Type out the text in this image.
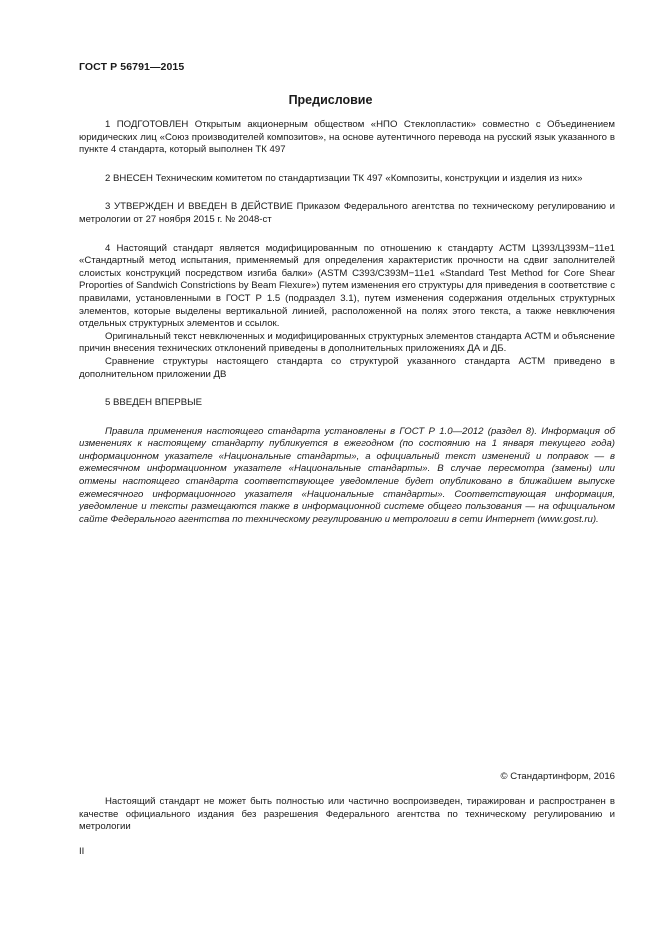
ГОСТ Р 56791—2015
Предисловие

1 ПОДГОТОВЛЕН Открытым акционерным обществом «НПО Стеклопластик» совместно с Объединением юридических лиц «Союз производителей композитов», на основе аутентичного перевода на русский язык указанного в пункте 4 стандарта, который выполнен ТК 497

2 ВНЕСЕН Техническим комитетом по стандартизации ТК 497 «Композиты, конструкции и изделия из них»

3 УТВЕРЖДЕН И ВВЕДЕН В ДЕЙСТВИЕ Приказом Федерального агентства по техническому регулированию и метрологии от 27 ноября 2015 г. № 2048-ст

4 Настоящий стандарт является модифицированным по отношению к стандарту АСТМ Ц393/Ц393М−11е1 «Стандартный метод испытания, применяемый для определения характеристик прочности на сдвиг заполнителей слоистых конструкций посредством изгиба балки» (ASTM C393/C393M−11e1 «Standard Test Method for Core Shear Proporties of Sandwich Constrictions by Beam Flexure») путем изменения его структуры для приведения в соответствие с правилами, установленными в ГОСТ Р 1.5 (подраздел 3.1), путем изменения содержания отдельных структурных элементов, которые выделены вертикальной линией, расположенной на полях этого текста, а также невключения отдельных структурных элементов и ссылок.

Оригинальный текст невключенных и модифицированных структурных элементов стандарта АСТМ и объяснение причин внесения технических отклонений приведены в дополнительных приложениях ДА и ДБ.

Сравнение структуры настоящего стандарта со структурой указанного стандарта АСТМ приведено в дополнительном приложении ДВ

5 ВВЕДЕН ВПЕРВЫЕ

Правила применения настоящего стандарта установлены в ГОСТ Р 1.0—2012 (раздел 8). Информация об изменениях к настоящему стандарту публикуется в ежегодном (по состоянию на 1 января текущего года) информационном указателе «Национальные стандарты», а официальный текст изменений и поправок — в ежемесячном информационном указателе «Национальные стандарты». В случае пересмотра (замены) или отмены настоящего стандарта соответствующее уведомление будет опубликовано в ближайшем выпуске ежемесячного информационного указателя «Национальные стандарты». Соответствующая информация, уведомление и тексты размещаются также в информационной системе общего пользования — на официальном сайте Федерального агентства по техническому регулированию и метрологии в сети Интернет (www.gost.ru).

© Стандартинформ, 2016

Настоящий стандарт не может быть полностью или частично воспроизведен, тиражирован и распространен в качестве официального издания без разрешения Федерального агентства по техническому регулированию и метрологии

II
